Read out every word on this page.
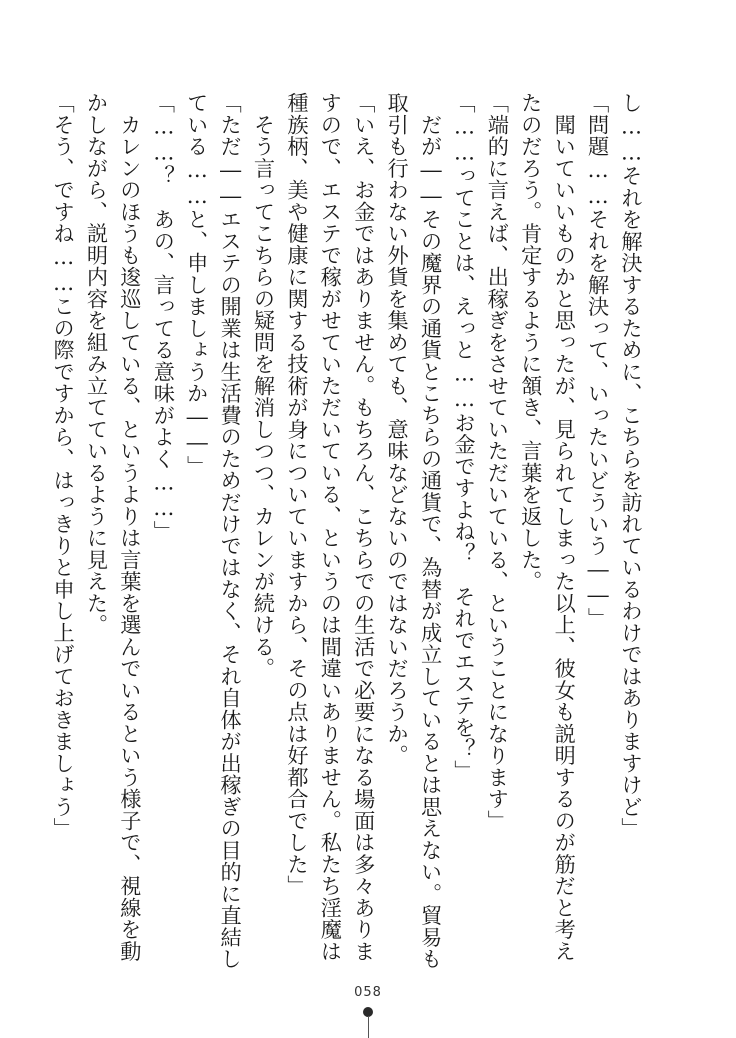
し……それを解決するために、こちらを訪れているわけではありますけど」
「問題……それを解決って、いったいどういう――」
　聞いていいものかと思ったが、見られてしまった以上、彼女も説明するのが筋だと考え
たのだろう。肯定するように頷き、言葉を返した。
「端的に言えば、出稼ぎをさせていただいている、ということになります」
「……ってことは、えっと……お金ですよね？　それでエステを？」
　だが――その魔界の通貨とこちらの通貨で、為替が成立しているとは思えない。貿易も
取引も行わない外貨を集めても、意味などないのではないだろうか。
「いえ、お金ではありません。もちろん、こちらでの生活で必要になる場面は多々ありま
すので、エステで稼がせていただいている、というのは間違いありません。私たち淫魔は
種族柄、美や健康に関する技術が身についていますから、その点は好都合でした」
　そう言ってこちらの疑問を解消しつつ、カレンが続ける。
「ただ――エステの開業は生活費のためだけではなく、それ自体が出稼ぎの目的に直結し
ている……と、申しましょうか――」
「……？　あの、言ってる意味がよく……」
　カレンのほうも逡巡している、というよりは言葉を選んでいるという様子で、視線を動
かしながら、説明内容を組み立てているように見えた。
「そう、ですね……この際ですから、はっきりと申し上げておきましょう」
058
